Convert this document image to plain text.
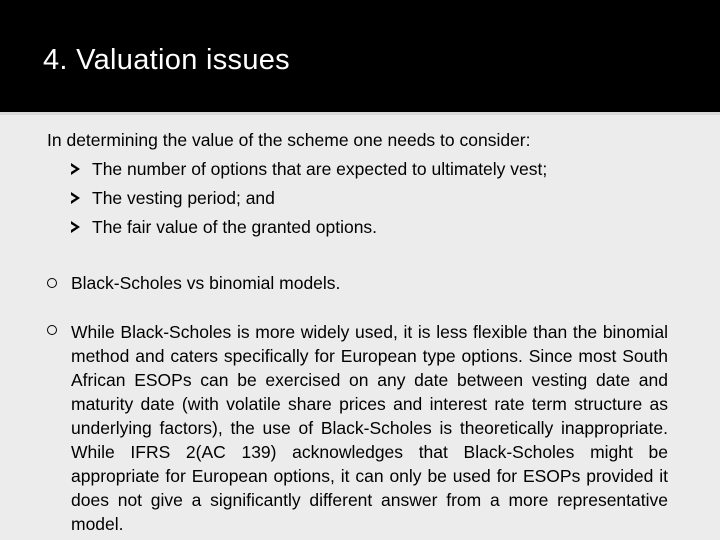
4. Valuation issues
In determining the value of the scheme one needs to consider:
The number of options that are expected to ultimately vest;
The vesting period; and
The fair value of the granted options.
Black-Scholes vs binomial models.
While Black-Scholes is more widely used, it is less flexible than the binomial method and caters specifically for European type options. Since most South African ESOPs can be exercised on any date between vesting date and maturity date (with volatile share prices and interest rate term structure as underlying factors), the use of Black-Scholes is theoretically inappropriate. While IFRS 2(AC 139) acknowledges that Black-Scholes might be appropriate for European options, it can only be used for ESOPs provided it does not give a significantly different answer from a more representative model.
